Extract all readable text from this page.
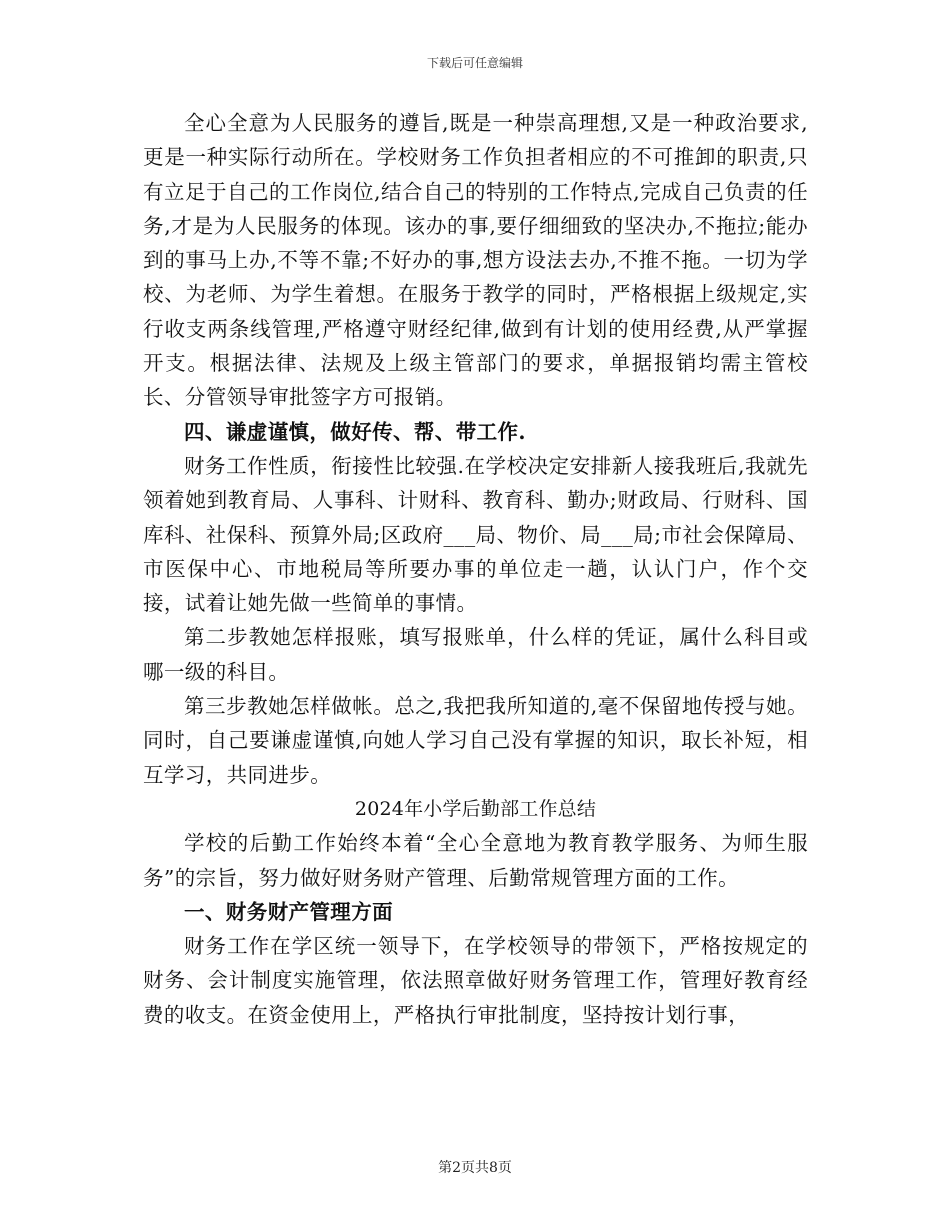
下载后可任意编辑

全心全意为人民服务的遵旨,既是一种崇高理想,又是一种政治要求,更是一种实际行动所在。学校财务工作负担者相应的不可推卸的职责,只有立足于自己的工作岗位,结合自己的特别的工作特点,完成自己负责的任务,才是为人民服务的体现。该办的事,要仔细细致的坚决办,不拖拉;能办到的事马上办,不等不靠;不好办的事,想方设法去办,不推不拖。一切为学校、为老师、为学生着想。在服务于教学的同时，严格根据上级规定,实行收支两条线管理,严格遵守财经纪律,做到有计划的使用经费,从严掌握开支。根据法律、法规及上级主管部门的要求，单据报销均需主管校长、分管领导审批签字方可报销。

四、谦虚谨慎，做好传、帮、带工作.

财务工作性质，衔接性比较强.在学校决定安排新人接我班后,我就先领着她到教育局、人事科、计财科、教育科、勤办;财政局、行财科、国库科、社保科、预算外局;区政府___局、物价、局___局;市社会保障局、市医保中心、市地税局等所要办事的单位走一趟，认认门户，作个交接，试着让她先做一些简单的事情。

第二步教她怎样报账，填写报账单，什么样的凭证，属什么科目或哪一级的科目。

第三步教她怎样做帐。总之,我把我所知道的,毫不保留地传授与她。同时，自己要谦虚谨慎,向她人学习自己没有掌握的知识，取长补短，相互学习，共同进步。

2024年小学后勤部工作总结

学校的后勤工作始终本着“全心全意地为教育教学服务、为师生服务”的宗旨，努力做好财务财产管理、后勤常规管理方面的工作。

一、财务财产管理方面

财务工作在学区统一领导下，在学校领导的带领下，严格按规定的财务、会计制度实施管理，依法照章做好财务管理工作，管理好教育经费的收支。在资金使用上，严格执行审批制度，坚持按计划行事，

第2页共8页
